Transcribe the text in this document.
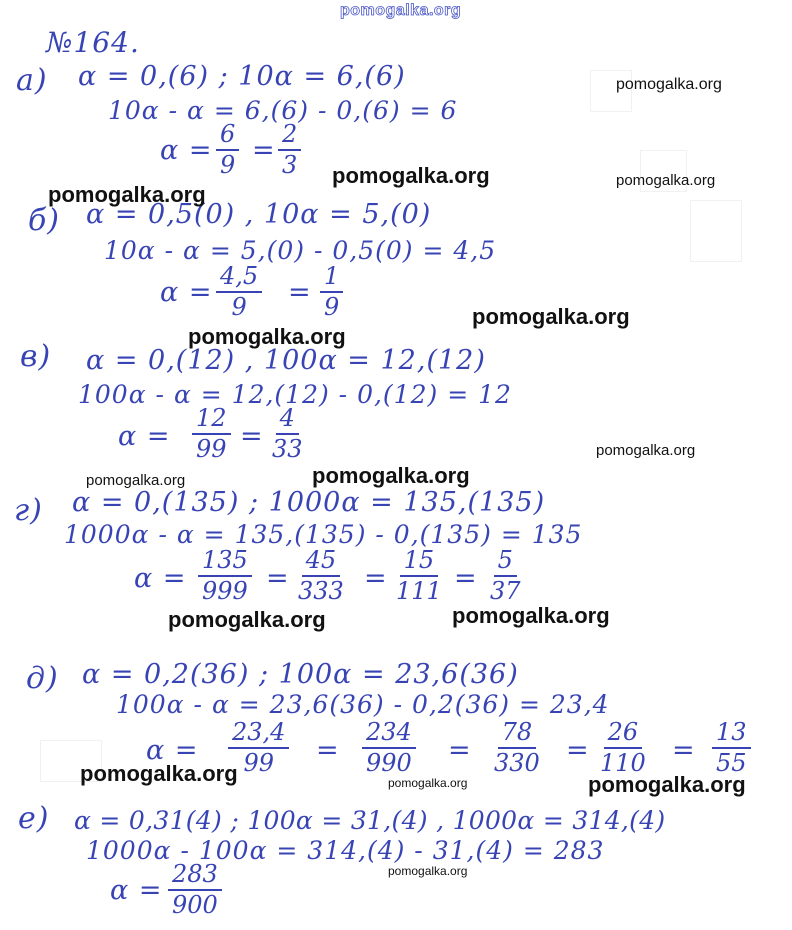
pomogalka.org
№164.
а) α = 0,(6) ; 10α = 6,(6)
10α - α = 6,(6) - 0,(6) = 6
$\alpha = \frac{6}{9} = \frac{2}{3}$
б) α = 0,5(0) , 10α = 5,(0)
10α - α = 5,(0) - 0,5(0) = 4,5
$\alpha = \frac{4,5}{9} = \frac{1}{9}$
в) α = 0,(12) , 100α = 12,(12)
100α - α = 12,(12) - 0,(12) = 12
$\alpha = \frac{12}{99} = \frac{4}{33}$
г) α = 0,(135) ; 1000α = 135,(135)
1000α - α = 135,(135) - 0,(135) = 135
$\alpha = \frac{135}{999} = \frac{45}{333} = \frac{15}{111} = \frac{5}{37}$
д) α = 0,2(36) ; 100α = 23,6(36)
100α - α = 23,6(36) - 0,2(36) = 23,4
$\alpha = \frac{23,4}{99} = \frac{234}{990} = \frac{78}{330} = \frac{26}{110} = \frac{13}{55}$
е) α = 0,31(4) ; 100α = 31,(4) , 1000α = 314,(4)
1000α - 100α = 314,(4) - 31,(4) = 283
$\alpha = \frac{283}{900}$
pomogalka.org
pomogalka.org	pomogalka.org
pomogalka.org
pomogalka.org
pomogalka.org
pomogalka.org
pomogalka.org
pomogalka.org
pomogalka.org
pomogalka.org
pomogalka.org	pomogalka.org
pomogalka.org
pomogalka.org
